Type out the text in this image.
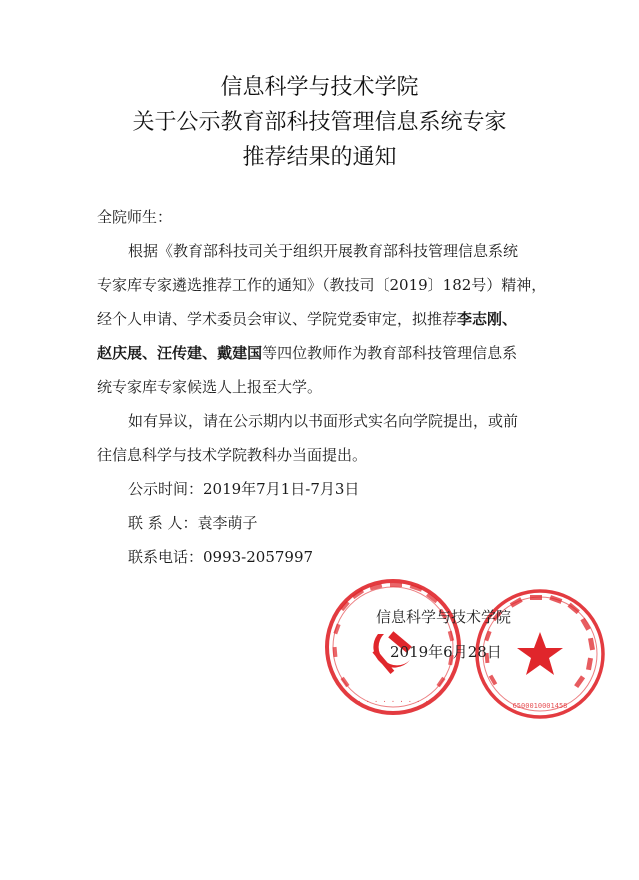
信息科学与技术学院
关于公示教育部科技管理信息系统专家
推荐结果的通知
全院师生：
根据《教育部科技司关于组织开展教育部科技管理信息系统
专家库专家遴选推荐工作的通知》（教技司〔2019〕182号）精神，
经个人申请、学术委员会审议、学院党委审定，拟推荐李志刚、
赵庆展、汪传建、戴建国等四位教师作为教育部科技管理信息系
统专家库专家候选人上报至大学。
如有异议，请在公示期内以书面形式实名向学院提出，或前
往信息科学与技术学院教科办当面提出。
公示时间：2019年7月1日-7月3日
联 系 人：袁李萌子
联系电话：0993-2057997
· · · · · · · · ·	6500010001458
信息科学与技术学院
2019年6月28日
